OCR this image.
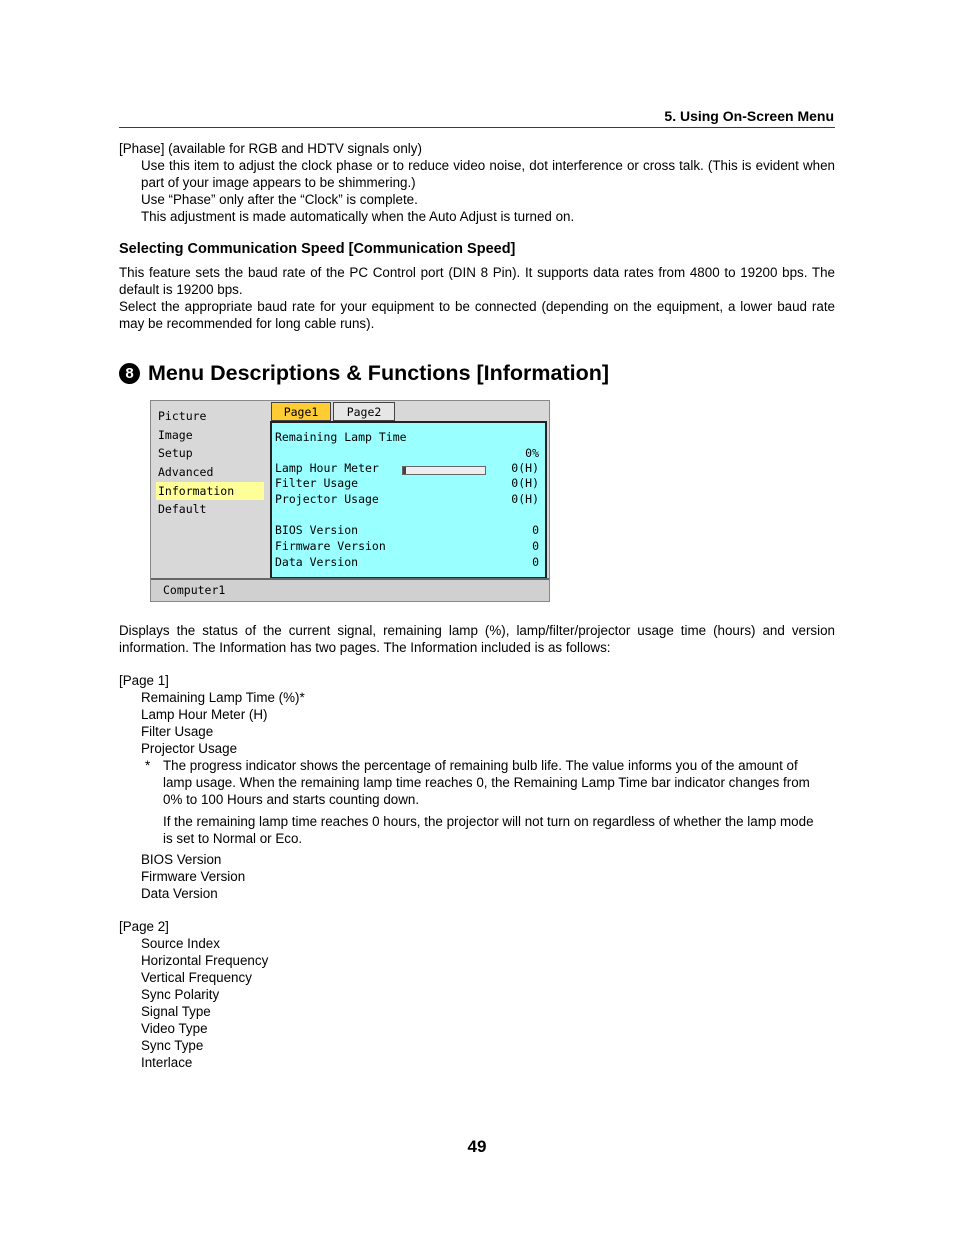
5. Using On-Screen Menu
[Phase] (available for RGB and HDTV signals only)
Use this item to adjust the clock phase or to reduce video noise, dot interference or cross talk. (This is evident when part of your image appears to be shimmering.)
Use “Phase” only after the “Clock” is complete.
This adjustment is made automatically when the Auto Adjust is turned on.
Selecting Communication Speed [Communication Speed]
This feature sets the baud rate of the PC Control port (DIN 8 Pin). It supports data rates from 4800 to 19200 bps. The default is 19200 bps.
Select the appropriate baud rate for your equipment to be connected (depending on the equipment, a lower baud rate may be recommended for long cable runs).
8 Menu Descriptions & Functions [Information]
Picture
Image
Setup
Advanced
Information
Default
Page1	Page2
Remaining Lamp Time
0%
Lamp Hour Meter	0(H)
Filter Usage	0(H)
Projector Usage	0(H)
BIOS Version	0
Firmware Version	0
Data Version	0
Computer1
Displays the status of the current signal, remaining lamp (%), lamp/filter/projector usage time (hours) and version information. The Information has two pages. The Information included is as follows:
[Page 1]
Remaining Lamp Time (%)*
Lamp Hour Meter (H)
Filter Usage
Projector Usage
* The progress indicator shows the percentage of remaining bulb life. The value informs you of the amount of lamp usage. When the remaining lamp time reaches 0, the Remaining Lamp Time bar indicator changes from 0% to 100 Hours and starts counting down.
If the remaining lamp time reaches 0 hours, the projector will not turn on regardless of whether the lamp mode is set to Normal or Eco.
BIOS Version
Firmware Version
Data Version
[Page 2]
Source Index
Horizontal Frequency
Vertical Frequency
Sync Polarity
Signal Type
Video Type
Sync Type
Interlace
49
